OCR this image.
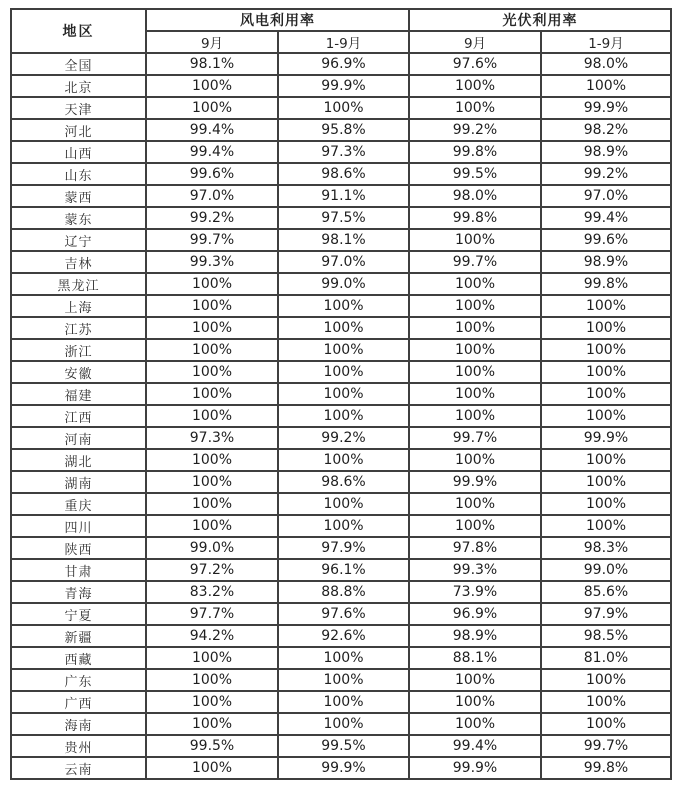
地区	风电利用率		光伏利用率	
	9月	1-9月	9月	1-9月
全国	98.1%	96.9%	97.6%	98.0%
北京	100%	99.9%	100%	100%
天津	100%	100%	100%	99.9%
河北	99.4%	95.8%	99.2%	98.2%
山西	99.4%	97.3%	99.8%	98.9%
山东	99.6%	98.6%	99.5%	99.2%
蒙西	97.0%	91.1%	98.0%	97.0%
蒙东	99.2%	97.5%	99.8%	99.4%
辽宁	99.7%	98.1%	100%	99.6%
吉林	99.3%	97.0%	99.7%	98.9%
黑龙江	100%	99.0%	100%	99.8%
上海	100%	100%	100%	100%
江苏	100%	100%	100%	100%
浙江	100%	100%	100%	100%
安徽	100%	100%	100%	100%
福建	100%	100%	100%	100%
江西	100%	100%	100%	100%
河南	97.3%	99.2%	99.7%	99.9%
湖北	100%	100%	100%	100%
湖南	100%	98.6%	99.9%	100%
重庆	100%	100%	100%	100%
四川	100%	100%	100%	100%
陕西	99.0%	97.9%	97.8%	98.3%
甘肃	97.2%	96.1%	99.3%	99.0%
青海	83.2%	88.8%	73.9%	85.6%
宁夏	97.7%	97.6%	96.9%	97.9%
新疆	94.2%	92.6%	98.9%	98.5%
西藏	100%	100%	88.1%	81.0%
广东	100%	100%	100%	100%
广西	100%	100%	100%	100%
海南	100%	100%	100%	100%
贵州	99.5%	99.5%	99.4%	99.7%
云南	100%	99.9%	99.9%	99.8%
